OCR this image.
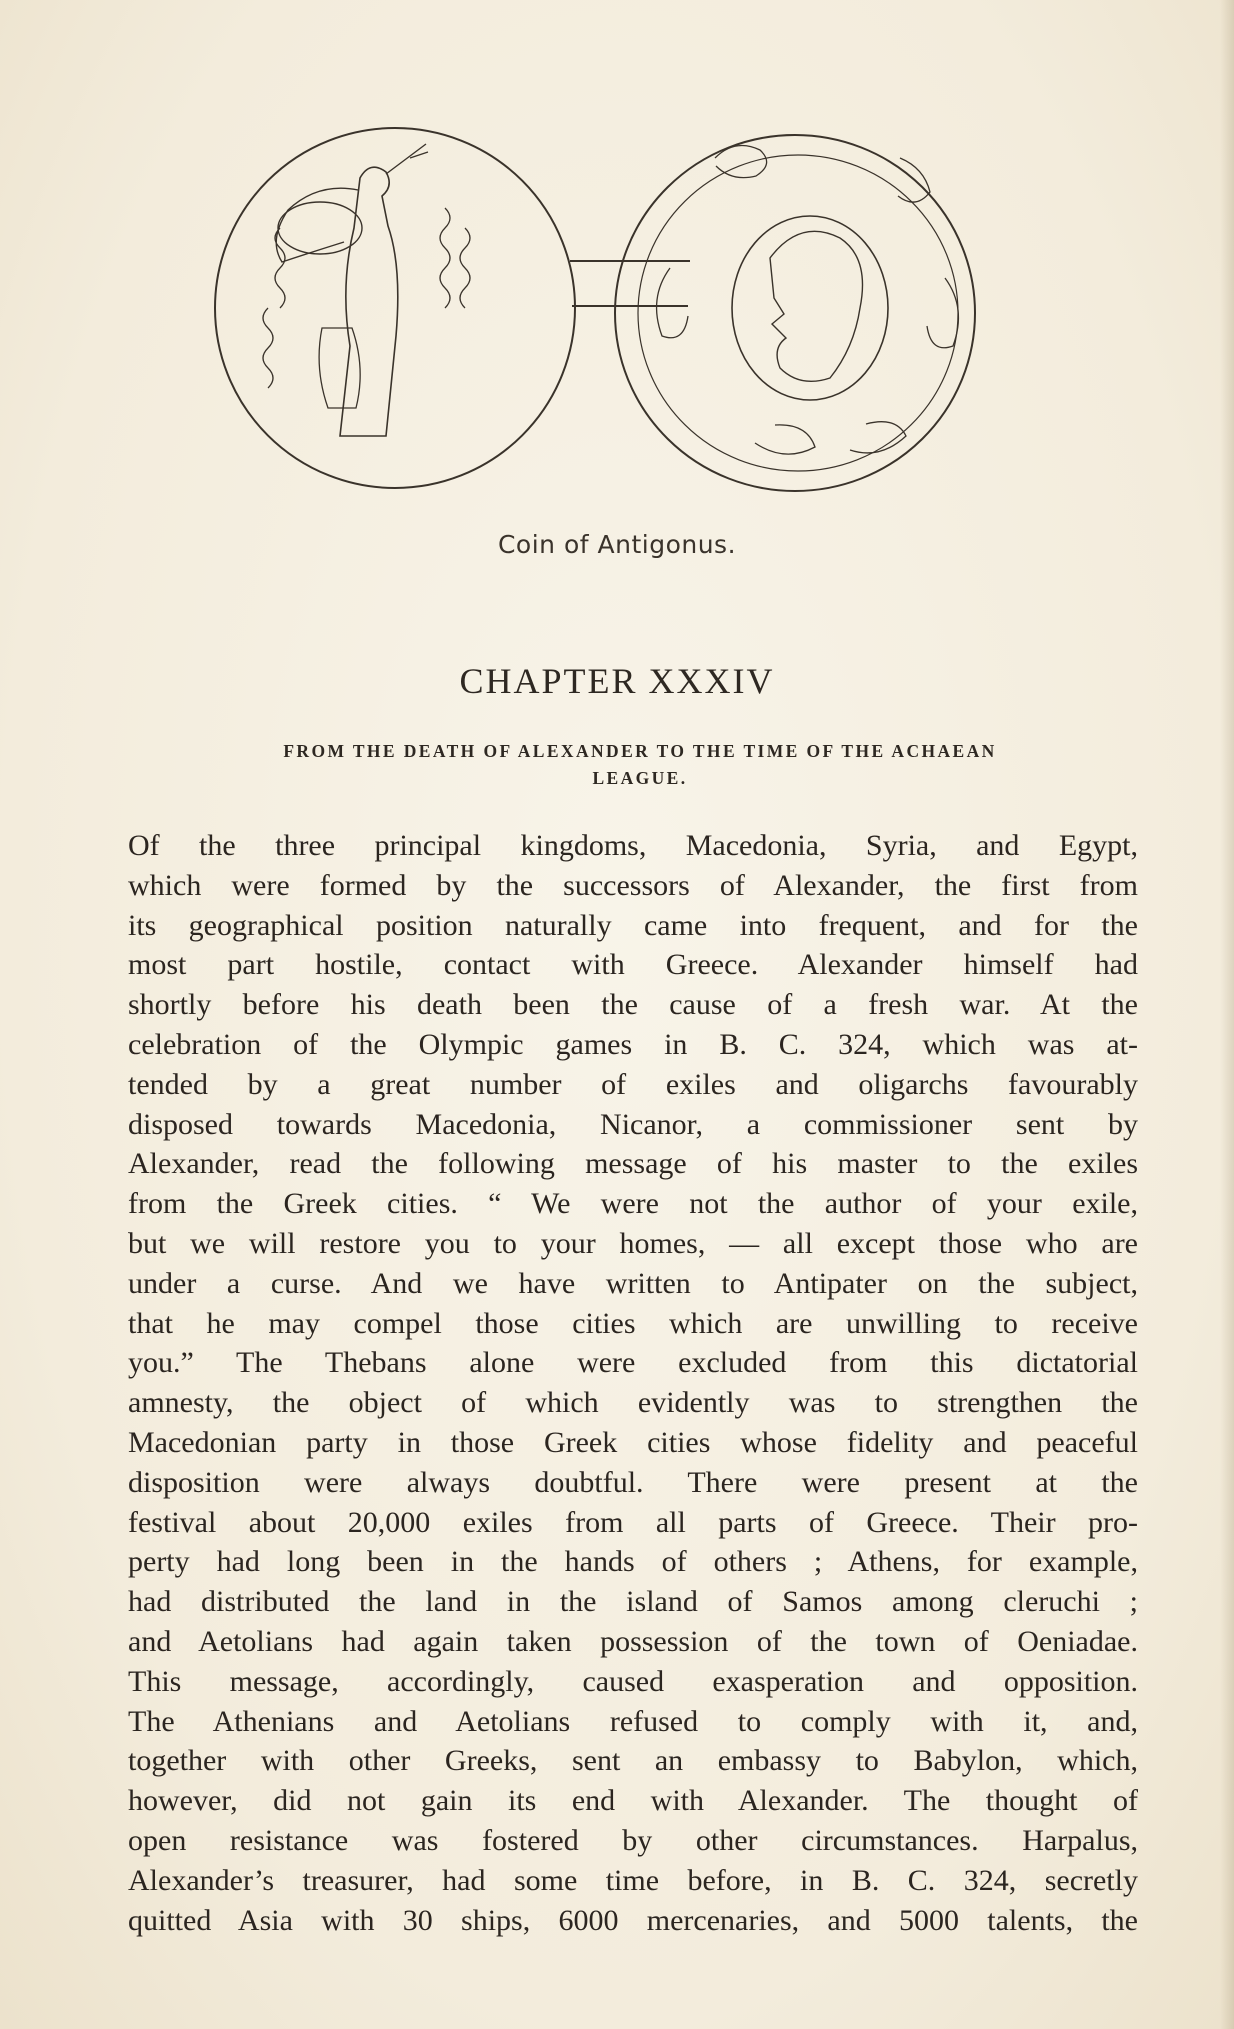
Coin of Antigonus.
CHAPTER XXXIV
FROM THE DEATH OF ALEXANDER TO THE TIME OF THE ACHAEAN
LEAGUE.
Of the three principal kingdoms, Macedonia, Syria, and Egypt,
which were formed by the successors of Alexander, the first from
its geographical position naturally came into frequent, and for the
most part hostile, contact with Greece. Alexander himself had
shortly before his death been the cause of a fresh war. At the
celebration of the Olympic games in B. C. 324, which was at-
tended by a great number of exiles and oligarchs favourably
disposed towards Macedonia, Nicanor, a commissioner sent by
Alexander, read the following message of his master to the exiles
from the Greek cities. “ We were not the author of your exile,
but we will restore you to your homes, — all except those who are
under a curse. And we have written to Antipater on the subject,
that he may compel those cities which are unwilling to receive
you.” The Thebans alone were excluded from this dictatorial
amnesty, the object of which evidently was to strengthen the
Macedonian party in those Greek cities whose fidelity and peaceful
disposition were always doubtful. There were present at the
festival about 20,000 exiles from all parts of Greece. Their pro-
perty had long been in the hands of others ; Athens, for example,
had distributed the land in the island of Samos among cleruchi ;
and Aetolians had again taken possession of the town of Oeniadae.
This message, accordingly, caused exasperation and opposition.
The Athenians and Aetolians refused to comply with it, and,
together with other Greeks, sent an embassy to Babylon, which,
however, did not gain its end with Alexander. The thought of
open resistance was fostered by other circumstances. Harpalus,
Alexander’s treasurer, had some time before, in B. C. 324, secretly
quitted Asia with 30 ships, 6000 mercenaries, and 5000 talents, the
